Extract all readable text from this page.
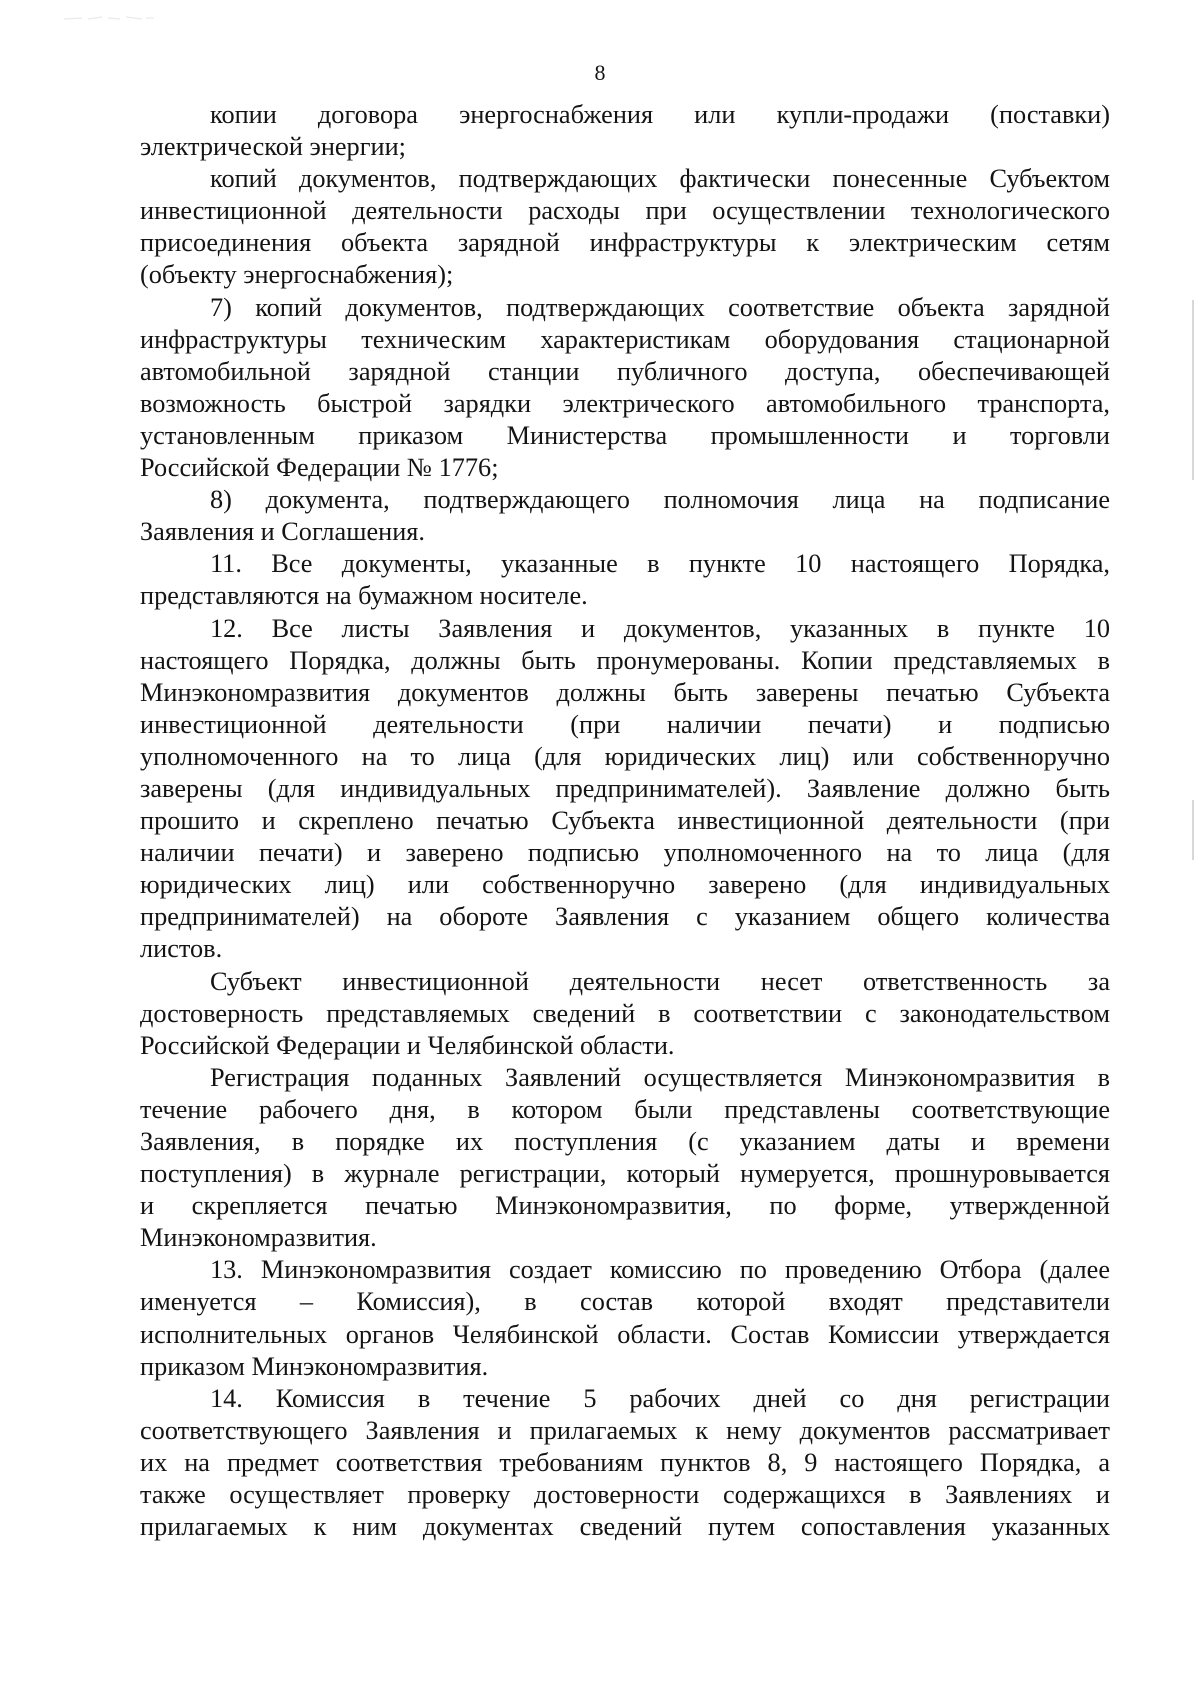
8

копии договора энергоснабжения или купли-продажи (поставки)
электрической энергии;

копий документов, подтверждающих фактически понесенные Субъектом
инвестиционной деятельности расходы при осуществлении технологического
присоединения объекта зарядной инфраструктуры к электрическим сетям
(объекту энергоснабжения);

7) копий документов, подтверждающих соответствие объекта зарядной
инфраструктуры техническим характеристикам оборудования стационарной
автомобильной зарядной станции публичного доступа, обеспечивающей
возможность быстрой зарядки электрического автомобильного транспорта,
установленным приказом Министерства промышленности и торговли
Российской Федерации № 1776;

8) документа, подтверждающего полномочия лица на подписание
Заявления и Соглашения.

11. Все документы, указанные в пункте 10 настоящего Порядка,
представляются на бумажном носителе.

12. Все листы Заявления и документов, указанных в пункте 10
настоящего Порядка, должны быть пронумерованы. Копии представляемых в
Минэкономразвития документов должны быть заверены печатью Субъекта
инвестиционной деятельности (при наличии печати) и подписью
уполномоченного на то лица (для юридических лиц) или собственноручно
заверены (для индивидуальных предпринимателей). Заявление должно быть
прошито и скреплено печатью Субъекта инвестиционной деятельности (при
наличии печати) и заверено подписью уполномоченного на то лица (для
юридических лиц) или собственноручно заверено (для индивидуальных
предпринимателей) на обороте Заявления с указанием общего количества
листов.

Субъект инвестиционной деятельности несет ответственность за
достоверность представляемых сведений в соответствии с законодательством
Российской Федерации и Челябинской области.

Регистрация поданных Заявлений осуществляется Минэкономразвития в
течение рабочего дня, в котором были представлены соответствующие
Заявления, в порядке их поступления (с указанием даты и времени
поступления) в журнале регистрации, который нумеруется, прошнуровывается
и скрепляется печатью Минэкономразвития, по форме, утвержденной
Минэкономразвития.

13. Минэкономразвития создает комиссию по проведению Отбора (далее
именуется – Комиссия), в состав которой входят представители
исполнительных органов Челябинской области. Состав Комиссии утверждается
приказом Минэкономразвития.

14. Комиссия в течение 5 рабочих дней со дня регистрации
соответствующего Заявления и прилагаемых к нему документов рассматривает
их на предмет соответствия требованиям пунктов 8, 9 настоящего Порядка, а
также осуществляет проверку достоверности содержащихся в Заявлениях и
прилагаемых к ним документах сведений путем сопоставления указанных
